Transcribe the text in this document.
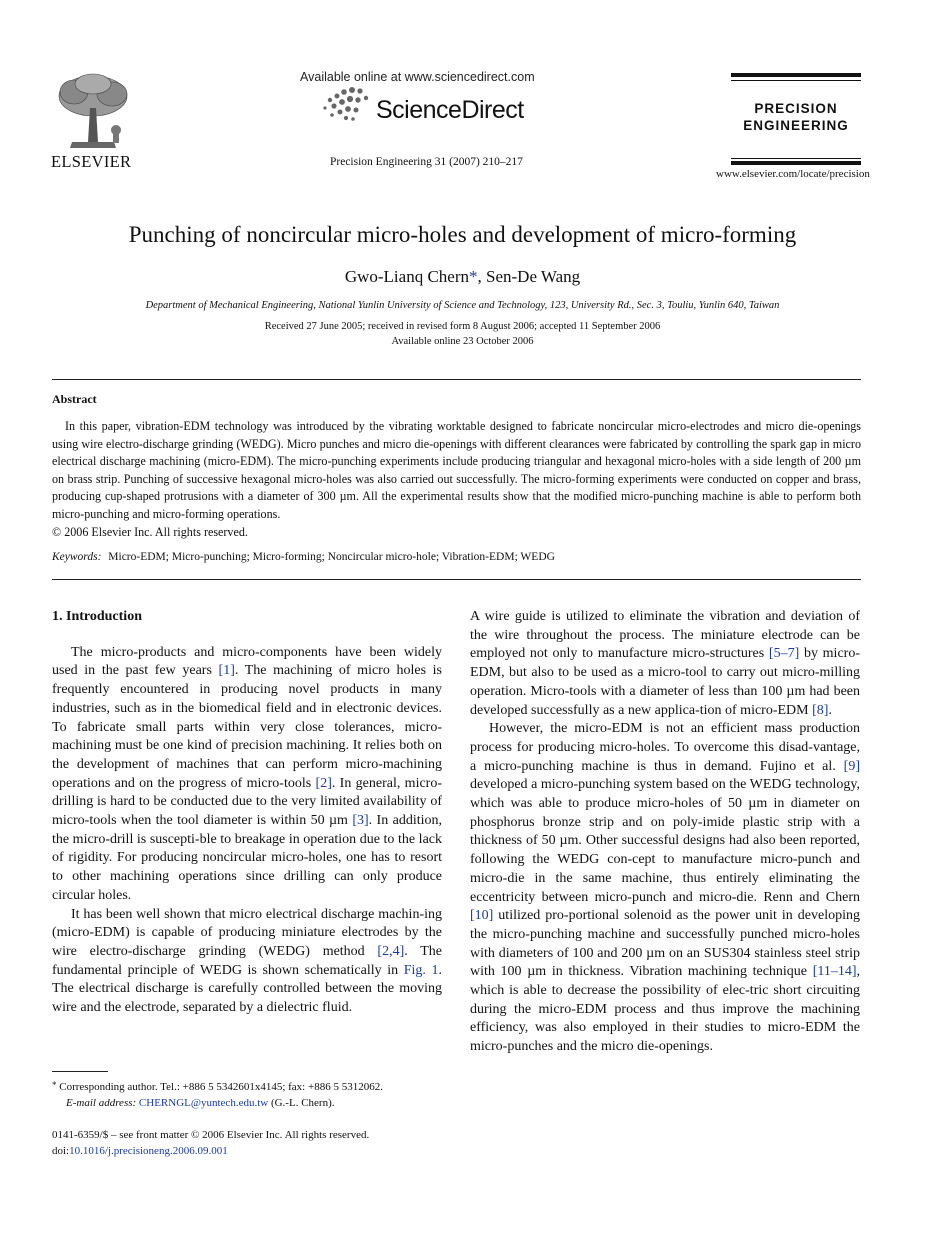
ELSEVIER
Available online at www.sciencedirect.com
ScienceDirect
Precision Engineering 31 (2007) 210–217
PRECISION
ENGINEERING
www.elsevier.com/locate/precision
Punching of noncircular micro-holes and development of micro-forming
Gwo-Lianq Chern*, Sen-De Wang
Department of Mechanical Engineering, National Yunlin University of Science and Technology, 123, University Rd., Sec. 3, Touliu, Yunlin 640, Taiwan
Received 27 June 2005; received in revised form 8 August 2006; accepted 11 September 2006
Available online 23 October 2006
Abstract
In this paper, vibration-EDM technology was introduced by the vibrating worktable designed to fabricate noncircular micro-electrodes and micro die-openings using wire electro-discharge grinding (WEDG). Micro punches and micro die-openings with different clearances were fabricated by controlling the spark gap in micro electrical discharge machining (micro-EDM). The micro-punching experiments include producing triangular and hexagonal micro-holes with a side length of 200 µm on brass strip. Punching of successive hexagonal micro-holes was also carried out successfully. The micro-forming experiments were conducted on copper and brass, producing cup-shaped protrusions with a diameter of 300 µm. All the experimental results show that the modified micro-punching machine is able to perform both micro-punching and micro-forming operations.
© 2006 Elsevier Inc. All rights reserved.
Keywords: Micro-EDM; Micro-punching; Micro-forming; Noncircular micro-hole; Vibration-EDM; WEDG
1. Introduction

The micro-products and micro-components have been widely used in the past few years [1]. The machining of micro holes is frequently encountered in producing novel products in many industries, such as in the biomedical field and in electronic devices. To fabricate small parts within very close tolerances, micro-machining must be one kind of precision machining. It relies both on the development of machines that can perform micro-machining operations and on the progress of micro-tools [2]. In general, micro-drilling is hard to be conducted due to the very limited availability of micro-tools when the tool diameter is within 50 µm [3]. In addition, the micro-drill is suscepti-ble to breakage in operation due to the lack of rigidity. For producing noncircular micro-holes, one has to resort to other machining operations since drilling can only produce circular holes.

It has been well shown that micro electrical discharge machin-ing (micro-EDM) is capable of producing miniature electrodes by the wire electro-discharge grinding (WEDG) method [2,4]. The fundamental principle of WEDG is shown schematically in Fig. 1. The electrical discharge is carefully controlled between the moving wire and the electrode, separated by a dielectric fluid.

A wire guide is utilized to eliminate the vibration and deviation of the wire throughout the process. The miniature electrode can be employed not only to manufacture micro-structures [5–7] by micro-EDM, but also to be used as a micro-tool to carry out micro-milling operation. Micro-tools with a diameter of less than 100 µm had been developed successfully as a new applica-tion of micro-EDM [8].

However, the micro-EDM is not an efficient mass production process for producing micro-holes. To overcome this disad-vantage, a micro-punching machine is thus in demand. Fujino et al. [9] developed a micro-punching system based on the WEDG technology, which was able to produce micro-holes of 50 µm in diameter on phosphorus bronze strip and on poly-imide plastic strip with a thickness of 50 µm. Other successful designs had also been reported, following the WEDG con-cept to manufacture micro-punch and micro-die in the same machine, thus entirely eliminating the eccentricity between micro-punch and micro-die. Renn and Chern [10] utilized pro-portional solenoid as the power unit in developing the micro-punching machine and successfully punched micro-holes with diameters of 100 and 200 µm on an SUS304 stainless steel strip with 100 µm in thickness. Vibration machining technique [11–14], which is able to decrease the possibility of elec-tric short circuiting during the micro-EDM process and thus improve the machining efficiency, was also employed in their studies to micro-EDM the micro-punches and the micro die-openings.

* Corresponding author. Tel.: +886 5 5342601x4145; fax: +886 5 5312062.
E-mail address: CHERNGL@yuntech.edu.tw (G.-L. Chern).
0141-6359/$ – see front matter © 2006 Elsevier Inc. All rights reserved.
doi:10.1016/j.precisioneng.2006.09.001
